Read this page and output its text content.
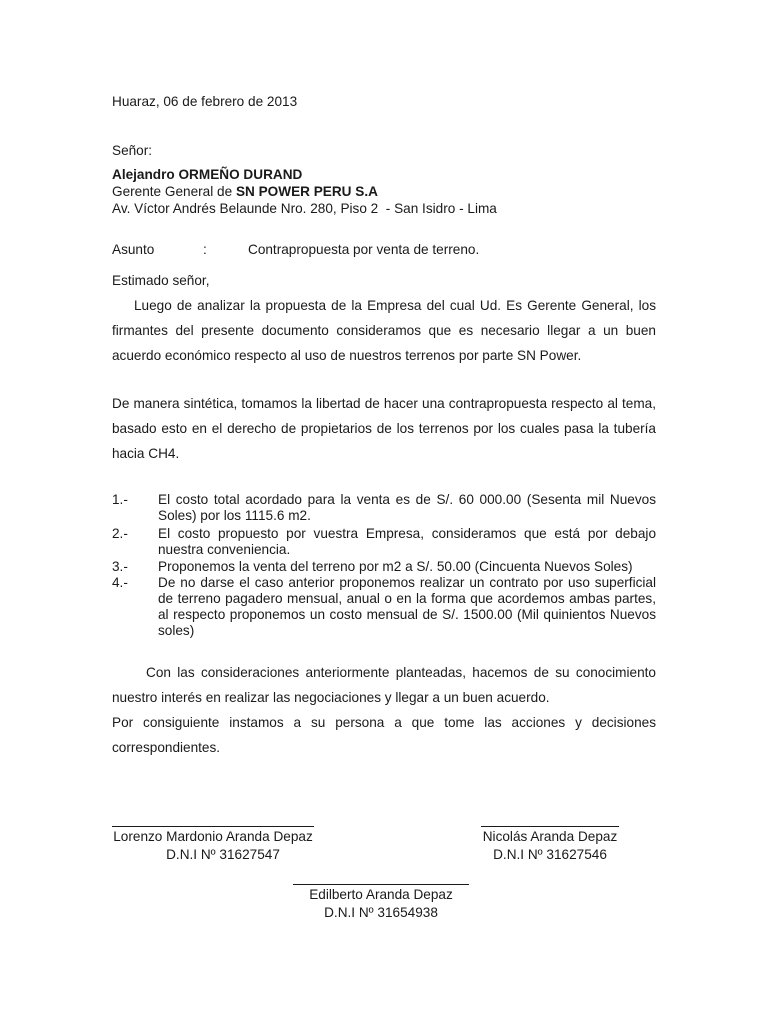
Huaraz, 06 de febrero de 2013
Señor:
Alejandro ORMEÑO DURAND
Gerente General de SN POWER PERU S.A
Av. Víctor Andrés Belaunde Nro. 280, Piso 2  - San Isidro - Lima
Asunto	:	Contrapropuesta por venta de terreno.
Estimado señor,
Luego de analizar la propuesta de la Empresa del cual Ud. Es Gerente General, los firmantes del presente documento consideramos que es necesario llegar a un buen acuerdo económico respecto al uso de nuestros terrenos por parte SN Power.
De manera sintética, tomamos la libertad de hacer una contrapropuesta respecto al tema, basado esto en el derecho de propietarios de los terrenos por los cuales pasa la tubería hacia CH4.
1.- El costo total acordado para la venta es de S/. 60 000.00 (Sesenta mil Nuevos Soles) por los 1115.6 m2.
2.- El costo propuesto por vuestra Empresa, consideramos que está por debajo nuestra conveniencia.
3.- Proponemos la venta del terreno por m2 a S/. 50.00 (Cincuenta Nuevos Soles)
4.- De no darse el caso anterior proponemos realizar un contrato por uso superficial de terreno pagadero mensual, anual o en la forma que acordemos ambas partes, al respecto proponemos un costo mensual de S/. 1500.00 (Mil quinientos Nuevos soles)
Con las consideraciones anteriormente planteadas, hacemos de su conocimiento nuestro interés en realizar las negociaciones y llegar a un buen acuerdo.
Por consiguiente instamos a su persona a que tome las acciones y decisiones correspondientes.
Lorenzo Mardonio Aranda Depaz
D.N.I Nº 31627547
Nicolás Aranda Depaz
D.N.I Nº 31627546
Edilberto Aranda Depaz
D.N.I Nº 31654938
